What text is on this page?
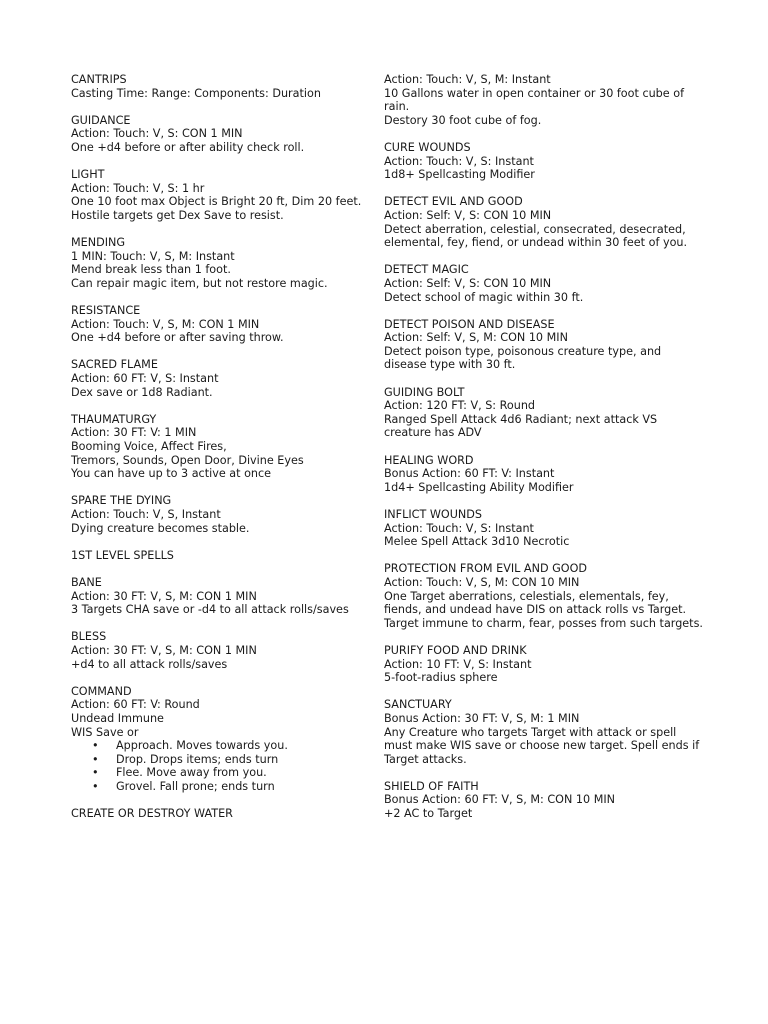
CANTRIPS
Casting Time: Range: Components: Duration
GUIDANCE
Action: Touch: V, S: CON 1 MIN
One +d4 before or after ability check roll.
LIGHT
Action: Touch: V, S: 1 hr
One 10 foot max Object is Bright 20 ft, Dim 20 feet.
Hostile targets get Dex Save to resist.
MENDING
1 MIN: Touch: V, S, M: Instant
Mend break less than 1 foot.
Can repair magic item, but not restore magic.
RESISTANCE
Action: Touch: V, S, M: CON 1 MIN
One +d4 before or after saving throw.
SACRED FLAME
Action: 60 FT: V, S: Instant
Dex save or 1d8 Radiant.
THAUMATURGY
Action: 30 FT: V: 1 MIN
Booming Voice, Affect Fires,
Tremors, Sounds, Open Door, Divine Eyes
You can have up to 3 active at once
SPARE THE DYING
Action: Touch: V, S, Instant
Dying creature becomes stable.
1ST LEVEL SPELLS
BANE
Action: 30 FT: V, S, M: CON 1 MIN
3 Targets CHA save or -d4 to all attack rolls/saves
BLESS
Action: 30 FT: V, S, M: CON 1 MIN
+d4 to all attack rolls/saves
COMMAND
Action: 60 FT: V: Round
Undead Immune
WIS Save or
• Approach. Moves towards you.
• Drop. Drops items; ends turn
• Flee. Move away from you.
• Grovel. Fall prone; ends turn
CREATE OR DESTROY WATER
Action: Touch: V, S, M: Instant
10 Gallons water in open container or 30 foot cube of rain.
Destory 30 foot cube of fog.
CURE WOUNDS
Action: Touch: V, S: Instant
1d8+ Spellcasting Modifier
DETECT EVIL AND GOOD
Action: Self: V, S: CON 10 MIN
Detect aberration, celestial, consecrated, desecrated, elemental, fey, fiend, or undead within 30 feet of you.
DETECT MAGIC
Action: Self: V, S: CON 10 MIN
Detect school of magic within 30 ft.
DETECT POISON AND DISEASE
Action: Self: V, S, M: CON 10 MIN
Detect poison type, poisonous creature type, and disease type with 30 ft.
GUIDING BOLT
Action: 120 FT: V, S: Round
Ranged Spell Attack 4d6 Radiant; next attack VS creature has ADV
HEALING WORD
Bonus Action: 60 FT: V: Instant
1d4+ Spellcasting Ability Modifier
INFLICT WOUNDS
Action: Touch: V, S: Instant
Melee Spell Attack 3d10 Necrotic
PROTECTION FROM EVIL AND GOOD
Action: Touch: V, S, M: CON 10 MIN
One Target aberrations, celestials, elementals, fey, fiends, and undead have DIS on attack rolls vs Target.
Target immune to charm, fear, posses from such targets.
PURIFY FOOD AND DRINK
Action: 10 FT: V, S: Instant
5-foot-radius sphere
SANCTUARY
Bonus Action: 30 FT: V, S, M: 1 MIN
Any Creature who targets Target with attack or spell must make WIS save or choose new target. Spell ends if Target attacks.
SHIELD OF FAITH
Bonus Action: 60 FT: V, S, M: CON 10 MIN
+2 AC to Target
